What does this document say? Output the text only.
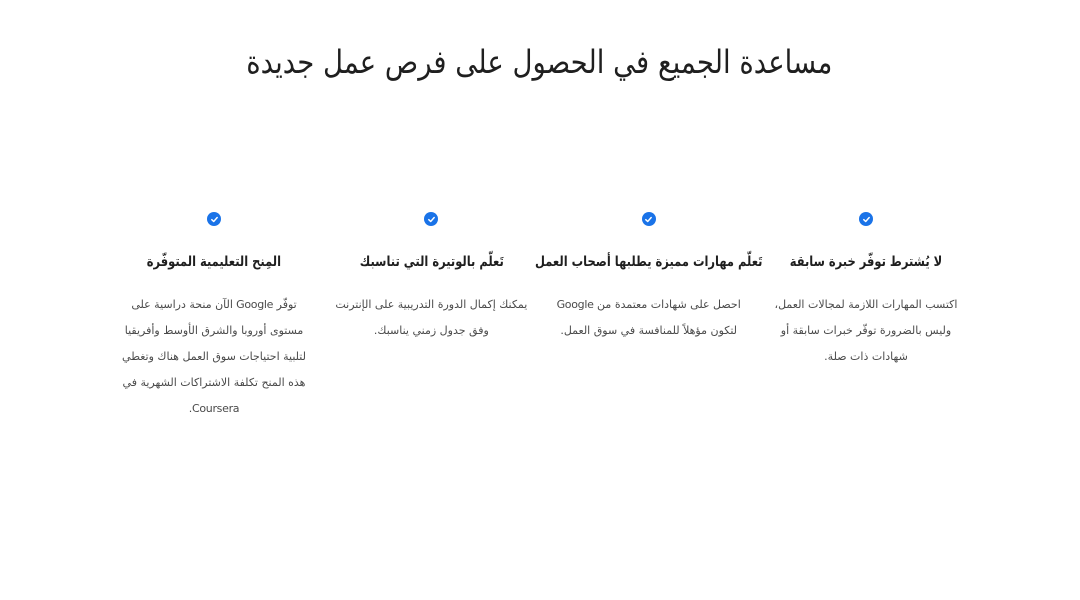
مساعدة الجميع في الحصول على فرص عمل جديدة
لا يُشترط توفّر خبرة سابقة

اكتسب المهارات اللازمة لمجالات العمل، وليس بالضرورة توفّر خبرات سابقة أو شهادات ذات صلة.

تَعلّم مهارات مميزة يطلبها أصحاب العمل

احصل على شهادات معتمدة من Google لتكون مؤهلاً للمنافسة في سوق العمل.

تَعلّم بالوتيرة التي تناسبك

يمكنك إكمال الدورة التدريبية على الإنترنت وفق جدول زمني يناسبك.

المِنح التعليمية المتوفّرة

توفّر Google الآن منحة دراسية على مستوى أوروبا والشرق الأوسط وأفريقيا لتلبية احتياجات سوق العمل هناك وتغطي هذه المنح تكلفة الاشتراكات الشهرية في Coursera.
